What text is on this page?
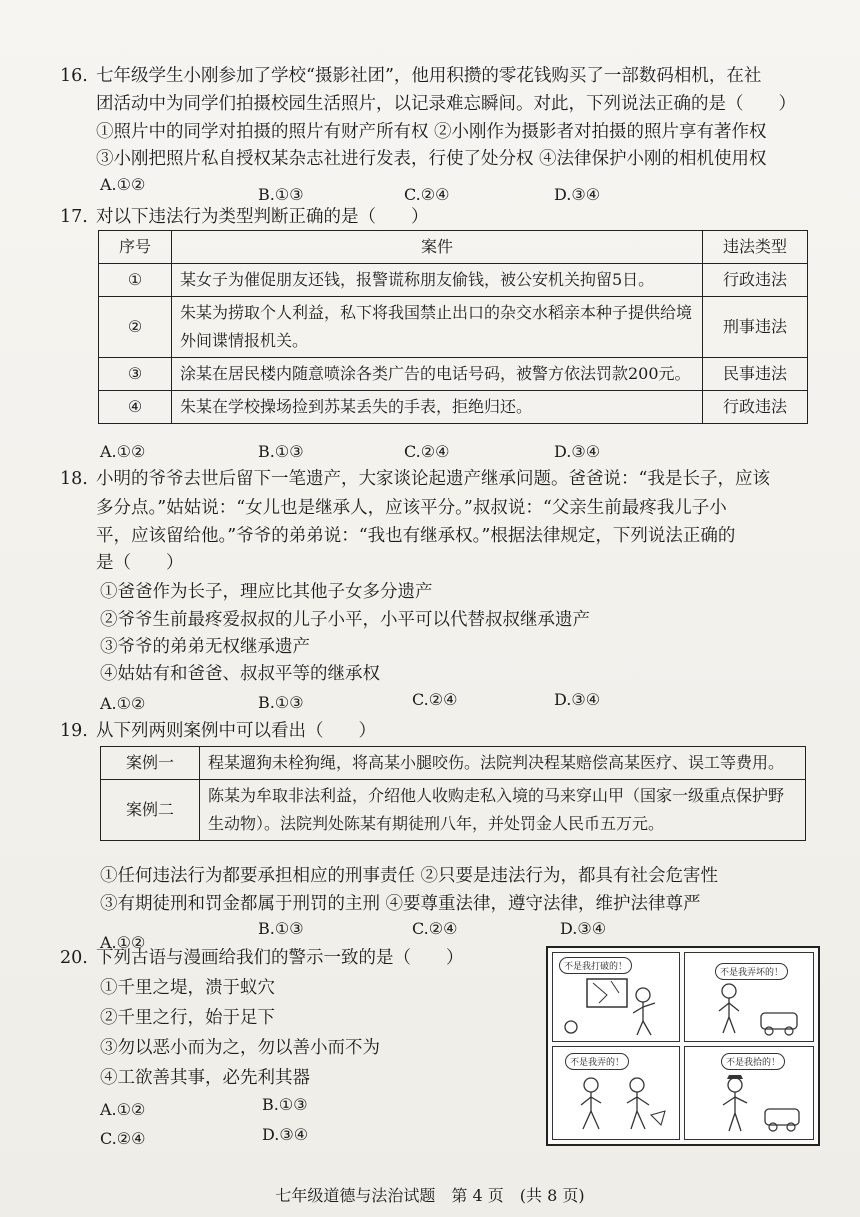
16. 七年级学生小刚参加了学校“摄影社团”，他用积攒的零花钱购买了一部数码相机，在社
团活动中为同学们拍摄校园生活照片，以记录难忘瞬间。对此，下列说法正确的是（　　）
①照片中的同学对拍摄的照片有财产所有权 ②小刚作为摄影者对拍摄的照片享有著作权
③小刚把照片私自授权某杂志社进行发表，行使了处分权 ④法律保护小刚的相机使用权
A.①②
B.①③	C.②④	D.③④
17. 对以下违法行为类型判断正确的是（　　）
序号	案件	违法类型
①	某女子为催促朋友还钱，报警谎称朋友偷钱，被公安机关拘留5日。	行政违法
②	朱某为捞取个人利益，私下将我国禁止出口的杂交水稻亲本种子提供给境外间谍情报机关。	刑事违法
③	涂某在居民楼内随意喷涂各类广告的电话号码，被警方依法罚款200元。	民事违法
④	朱某在学校操场捡到苏某丢失的手表，拒绝归还。	行政违法
A.①②	B.①③	C.②④	D.③④
18. 小明的爷爷去世后留下一笔遗产，大家谈论起遗产继承问题。爸爸说：“我是长子，应该
多分点。”姑姑说：“女儿也是继承人，应该平分。”叔叔说：“父亲生前最疼我儿子小
平，应该留给他。”爷爷的弟弟说：“我也有继承权。”根据法律规定，下列说法正确的
是（　　）
①爸爸作为长子，理应比其他子女多分遗产
②爷爷生前最疼爱叔叔的儿子小平，小平可以代替叔叔继承遗产
③爷爷的弟弟无权继承遗产
④姑姑有和爸爸、叔叔平等的继承权
A.①②	B.①③	C.②④	D.③④
19. 从下列两则案例中可以看出（　　）
案例一	程某遛狗未栓狗绳，将高某小腿咬伤。法院判决程某赔偿高某医疗、误工等费用。
案例二	陈某为牟取非法利益，介绍他人收购走私入境的马来穿山甲（国家一级重点保护野生动物）。法院判处陈某有期徒刑八年，并处罚金人民币五万元。
①任何违法行为都要承担相应的刑事责任 ②只要是违法行为，都具有社会危害性
③有期徒刑和罚金都属于刑罚的主刑 ④要尊重法律，遵守法律，维护法律尊严
A.①②
B.①③	C.②④	D.③④
20. 下列古语与漫画给我们的警示一致的是（　　）
①千里之堤，溃于蚁穴
②千里之行，始于足下
③勿以恶小而为之，勿以善小而不为
④工欲善其事，必先利其器
A.①②	B.①③
C.②④	D.③④
不是我打破的！
不是我弄坏的！
不是我弄的！	不是我拾的！
七年级道德与法治试题　第 4 页　(共 8 页)
